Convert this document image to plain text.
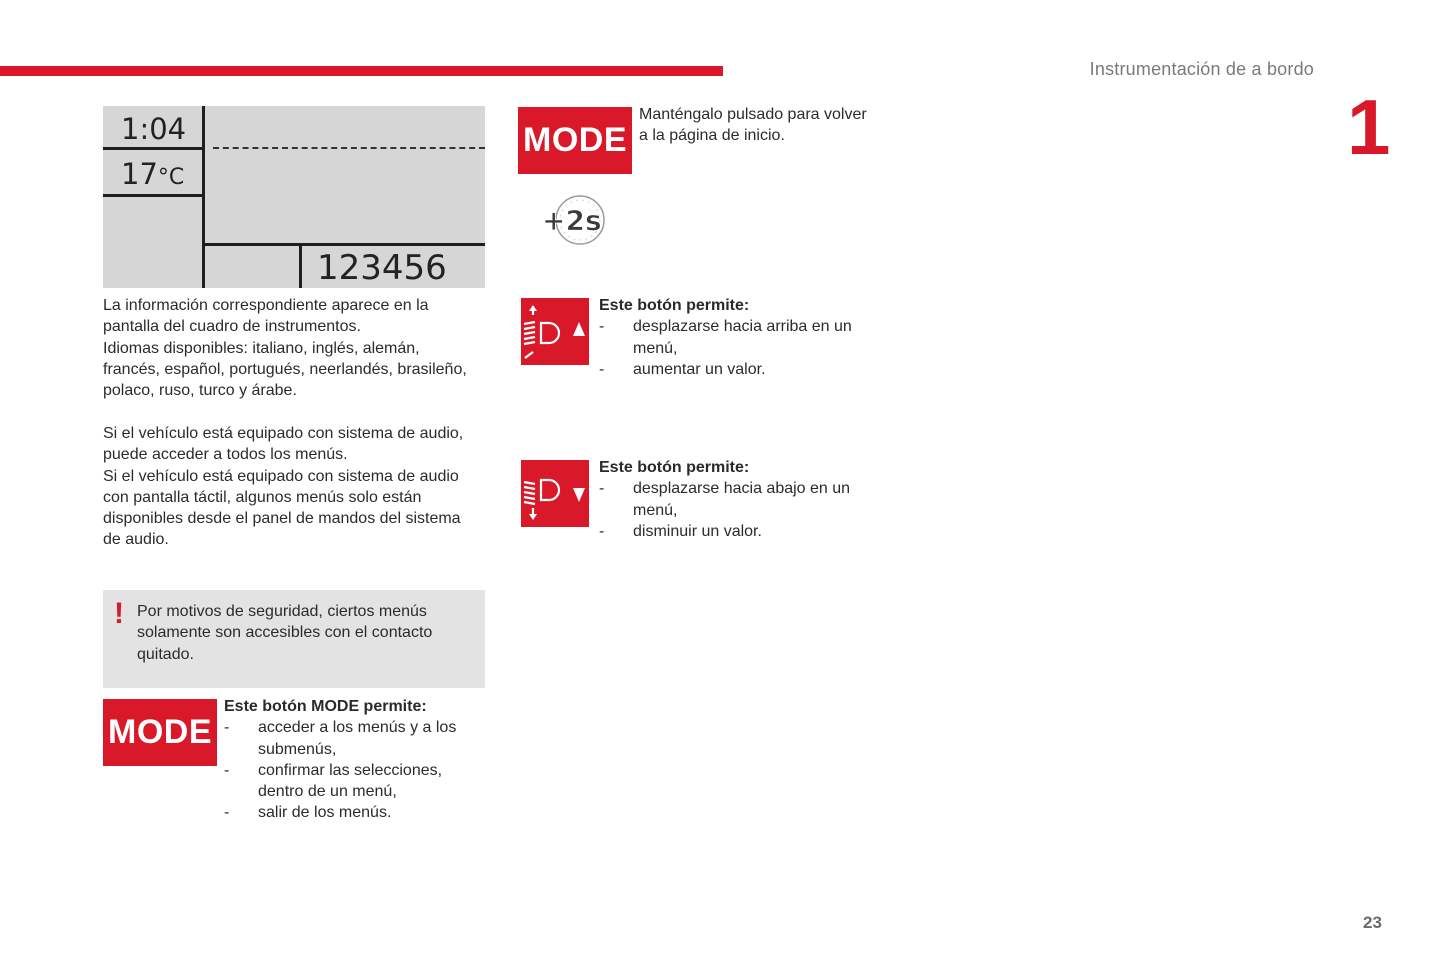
Instrumentación de a bordo
1
1:04
17°C
123456
La información correspondiente aparece en la
pantalla del cuadro de instrumentos.
Idiomas disponibles: italiano, inglés, alemán,
francés, español, portugués, neerlandés, brasileño,
polaco, ruso, turco y árabe.
Si el vehículo está equipado con sistema de audio,
puede acceder a todos los menús.
Si el vehículo está equipado con sistema de audio
con pantalla táctil, algunos menús solo están
disponibles desde el panel de mandos del sistema
de audio.
! Por motivos de seguridad, ciertos menús
solamente son accesibles con el contacto
quitado.
MODE
Este botón MODE permite:
- acceder a los menús y a los
submenús,
- confirmar las selecciones,
dentro de un menú,
- salir de los menús.
MODE
Manténgalo pulsado para volver
a la página de inicio.
+2s
Este botón permite:
- desplazarse hacia arriba en un
menú,
- aumentar un valor.
Este botón permite:
- desplazarse hacia abajo en un
menú,
- disminuir un valor.
23
